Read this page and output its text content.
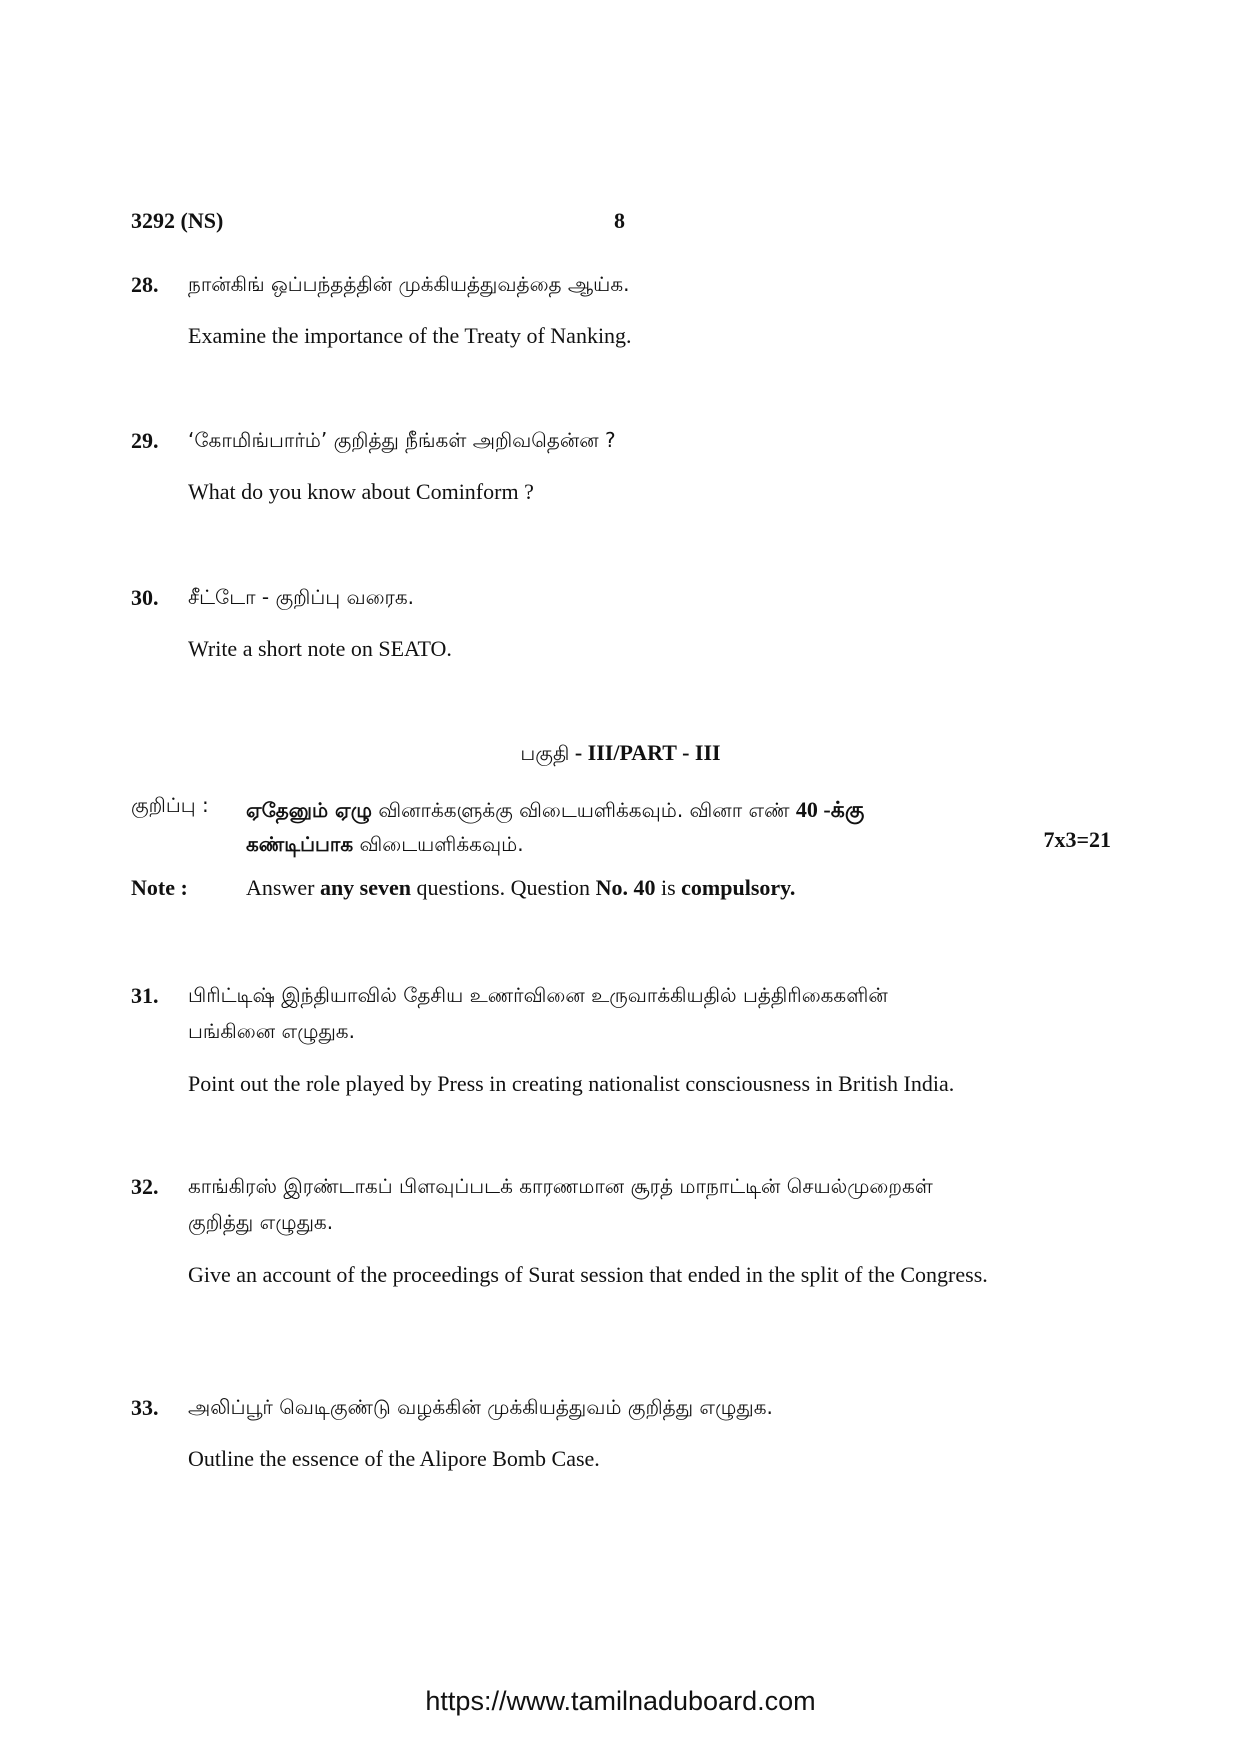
3292 (NS)	8
28. நான்கிங் ஒப்பந்தத்தின் முக்கியத்துவத்தை ஆய்க.
Examine the importance of the Treaty of Nanking.
29. ‘கோமிங்பார்ம்’ குறித்து நீங்கள் அறிவதென்ன ?
What do you know about Cominform ?
30. சீட்டோ - குறிப்பு வரைக.
Write a short note on SEATO.
பகுதி - III/PART - III
குறிப்பு : ஏதேனும் ஏழு வினாக்களுக்கு விடையளிக்கவும். வினா எண் 40 -க்கு
கண்டிப்பாக விடையளிக்கவும்.	7x3=21
Note :	Answer any seven questions. Question No. 40 is compulsory.
31. பிரிட்டிஷ் இந்தியாவில் தேசிய உணர்வினை உருவாக்கியதில் பத்திரிகைகளின்
பங்கினை எழுதுக.
Point out the role played by Press in creating nationalist consciousness in British India.
32. காங்கிரஸ் இரண்டாகப் பிளவுப்படக் காரணமான சூரத் மாநாட்டின் செயல்முறைகள்
குறித்து எழுதுக.
Give an account of the proceedings of Surat session that ended in the split of the Congress.
33. அலிப்பூர் வெடிகுண்டு வழக்கின் முக்கியத்துவம் குறித்து எழுதுக.
Outline the essence of the Alipore Bomb Case.
https://www.tamilnaduboard.com
